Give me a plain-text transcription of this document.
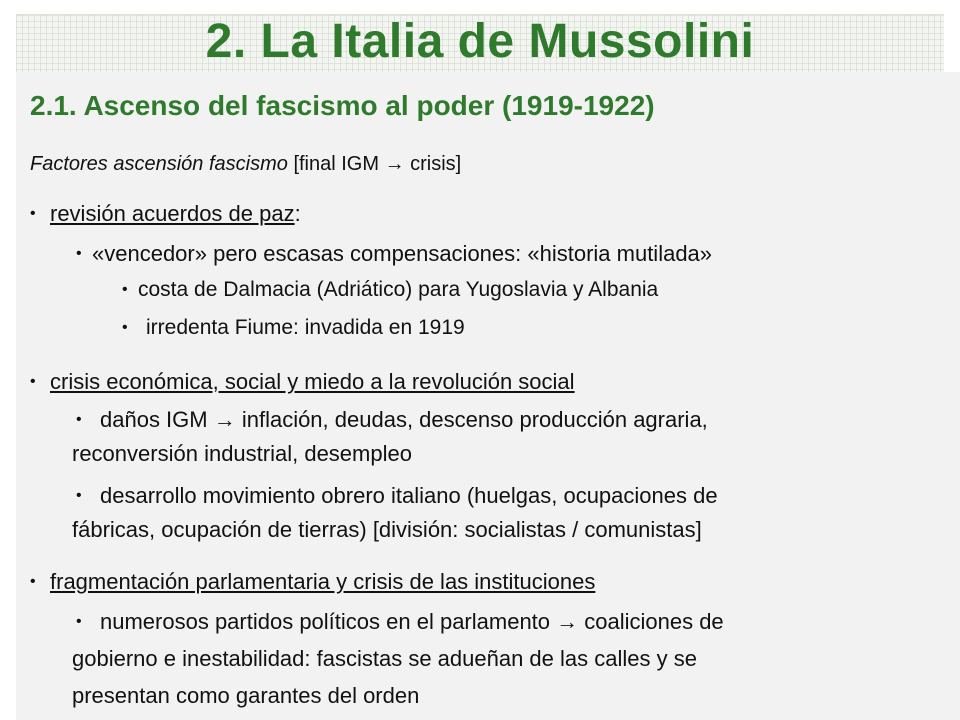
2. La Italia de Mussolini
2.1. Ascenso del fascismo al poder (1919-1922)
Factores ascensión fascismo [final IGM → crisis]
• revisión acuerdos de paz:
• «vencedor» pero escasas compensaciones: «historia mutilada»
• costa de Dalmacia (Adriático) para Yugoslavia y Albania
• irredenta Fiume: invadida en 1919
• crisis económica, social y miedo a la revolución social
• daños IGM → inflación, deudas, descenso producción agraria,
reconversión industrial, desempleo
• desarrollo movimiento obrero italiano (huelgas, ocupaciones de
fábricas, ocupación de tierras) [división: socialistas / comunistas]
• fragmentación parlamentaria y crisis de las instituciones
• numerosos partidos políticos en el parlamento → coaliciones de
gobierno e inestabilidad: fascistas se adueñan de las calles y se
presentan como garantes del orden
